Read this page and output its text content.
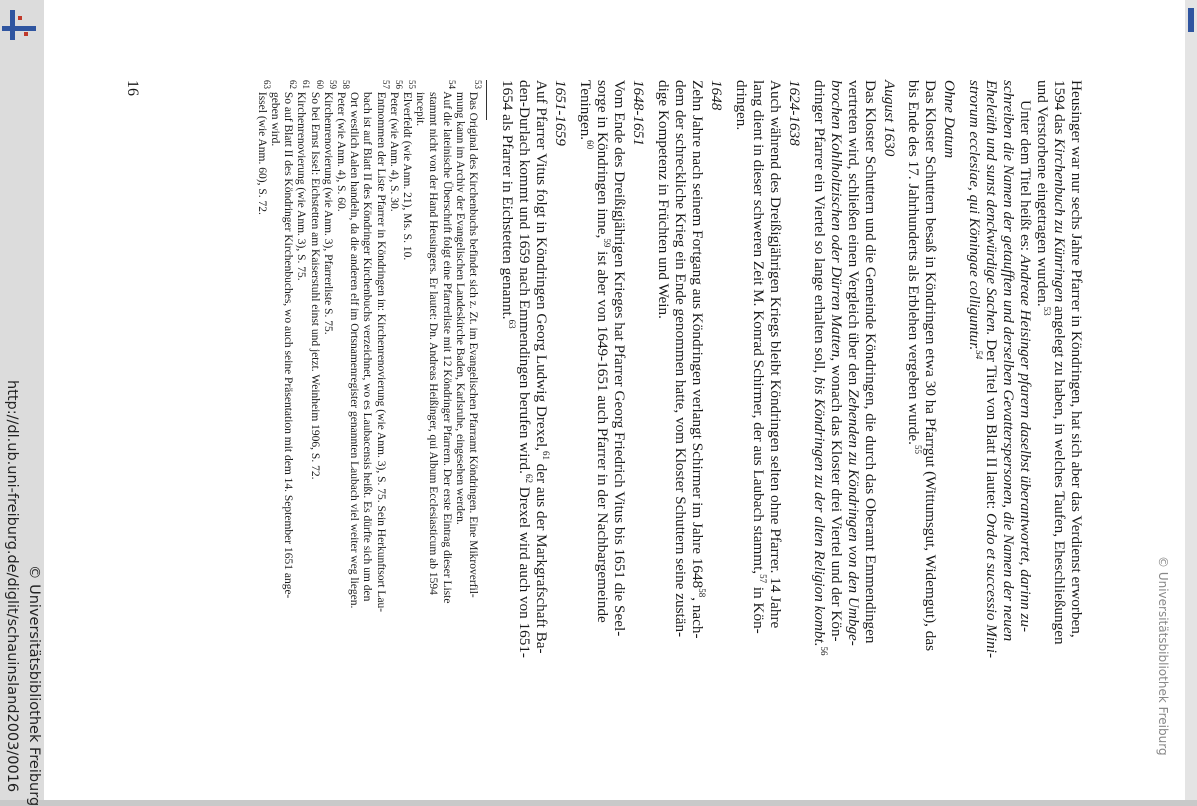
© Universitätsbibliothek Freiburg
http://dl.ub.uni-freiburg.de/diglit/schauinsland2003/0016 © Universitätsbibliothek Freiburg
Heusinger war nur sechs Jahre Pfarrer in Köndringen, hat sich aber das Verdienst erworben,
1594 das Kirchenbuch zu Künringen angelegt zu haben, in welches Taufen, Eheschließungen
und Verstorbene eingetragen wurden.$^{53}$
Unter dem Titel heißt es: Andreae Heisinger pfarern daselbst überantwortet, darinn zu-
schreiben die Namen der getaufften und derselben Gevatterspersonen, die Namen der neuen
Eheleüth und sunst denckwürdige Sachen. Der Titel von Blatt II lautet: Ordo et successio Mini-
strorum ecclesiae, qui Köningae colliguntur.$^{54}$
Ohne Datum
Das Kloster Schuttern besaß in Köndringen etwa 30 ha Pfarrgut (Wittumsgut, Widemgut), das
bis Ende des 17. Jahrhunderts als Erblehen vergeben wurde.$^{55}$
August 1630
Das Kloster Schuttern und die Gemeinde Köndringen, die durch das Oberamt Emmendingen
vertreten wird, schließen einen Vergleich über den Zehenden zu Köndringen von den Umbge-
brochen Kohlholtzischen oder Dürren Matten, wonach das Kloster drei Viertel und der Kön-
dringer Pfarrer ein Viertel so lange erhalten soll, bis Köndringen zu der alten Religion kombt.$^{56}$
1624-1638
Auch während des Dreißigjährigen Kriegs bleibt Köndringen selten ohne Pfarrer. 14 Jahre
lang dient in dieser schweren Zeit M. Konrad Schirmer, der aus Laubach stammt,$^{57}$ in Kön-
dringen.
1648
Zehn Jahre nach seinem Fortgang aus Köndringen verlangt Schirmer im Jahre 1648$^{58}$, nach-
dem der schreckliche Krieg ein Ende genommen hatte, vom Kloster Schuttern seine zustän-
dige Kompetenz in Früchten und Wein.
1648-1651
Vom Ende des Dreißigjährigen Krieges hat Pfarrer Georg Friedrich Vitus bis 1651 die Seel-
sorge in Köndringen inne,$^{59}$ ist aber von 1649-1651 auch Pfarrer in der Nachbargemeinde
Teningen.$^{60}$
1651-1659
Auf Pfarrer Vitus folgt in Köndringen Georg Ludwig Drexel,$^{61}$ der aus der Markgrafschaft Ba-
den-Durlach kommt und 1659 nach Emmendingen berufen wird.$^{62}$ Drexel wird auch von 1651-
1654 als Pfarrer in Eichstetten genannt.$^{63}$
$^{53}$ Das Original des Kirchenbuchs befindet sich z. Zt. im Evangelischen Pfarramt Köndringen. Eine Mikroverfil-
mung kann im Archiv der Evangelischen Landeskirche Baden, Karlsruhe, eingesehen werden.
$^{54}$ Auf die lateinische Überschrift folgt eine Pfarrerliste mit 12 Köndringer Pfarrern. Der erste Eintrag dieser Liste
stammt nicht von der Hand Heusingers. Er lautet: Dn. Andreas Heißinger, qui Album Ecclesiasticum ab 1594
incepit.
$^{55}$ Elverfeldt (wie Anm. 21), Ms. S. 10.
$^{56}$ Peter (wie Anm. 4), S. 30.
$^{57}$ Entnommen der Liste Pfarrer in Köndringen in: Kirchenrenovierung (wie Anm. 3), S. 75. Sein Herkunftsort Lau-
bach ist auf Blatt II des Köndringer Kirchenbuchs verzeichnet, wo es Laubacensis heißt. Es dürfte sich um den
Ort westlich Aalen handeln, da die anderen elf im Ortsnamenregister genannten Laubach viel weiter weg liegen.
$^{58}$ Peter (wie Anm. 4), S. 60.
$^{59}$ Kirchenrenovierung (wie Anm. 3), Pfarrerliste S. 75.
$^{60}$ So bei Ernst Issel: Eichstetten am Kaiserstuhl einst und jetzt. Weinheim 1906, S. 72.
$^{61}$ Kirchenrenovierung (wie Anm. 3), S. 75.
$^{62}$ So auf Blatt II des Köndringer Kirchenbuches, wo auch seine Präsentation mit dem 14. September 1651 ange-
geben wird.
$^{63}$ Issel (wie Anm. 60), S. 72.
16
